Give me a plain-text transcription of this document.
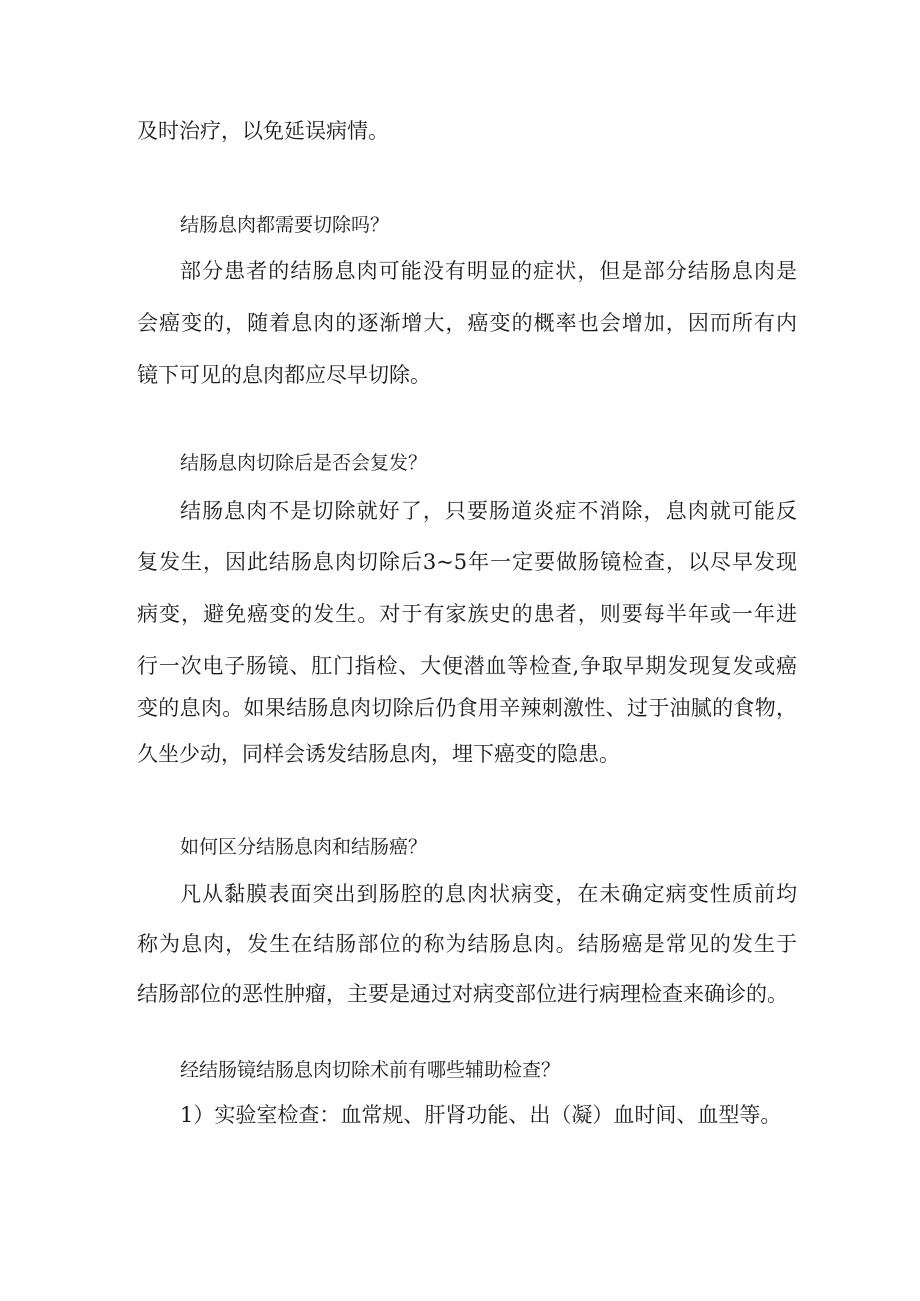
及时治疗，以免延误病情。
结肠息肉都需要切除吗？
部分患者的结肠息肉可能没有明显的症状，但是部分结肠息肉是
会癌变的，随着息肉的逐渐增大，癌变的概率也会增加，因而所有内
镜下可见的息肉都应尽早切除。
结肠息肉切除后是否会复发？
结肠息肉不是切除就好了，只要肠道炎症不消除，息肉就可能反
复发生，因此结肠息肉切除后3~5年一定要做肠镜检查，以尽早发现
病变，避免癌变的发生。对于有家族史的患者，则要每半年或一年进
行一次电子肠镜、肛门指检、大便潜血等检查,争取早期发现复发或癌
变的息肉。如果结肠息肉切除后仍食用辛辣刺激性、过于油腻的食物，
久坐少动，同样会诱发结肠息肉，埋下癌变的隐患。
如何区分结肠息肉和结肠癌？
凡从黏膜表面突出到肠腔的息肉状病变，在未确定病变性质前均
称为息肉，发生在结肠部位的称为结肠息肉。结肠癌是常见的发生于
结肠部位的恶性肿瘤，主要是通过对病变部位进行病理检查来确诊的。
经结肠镜结肠息肉切除术前有哪些辅助检查？
1）实验室检查：血常规、肝肾功能、出（凝）血时间、血型等。
